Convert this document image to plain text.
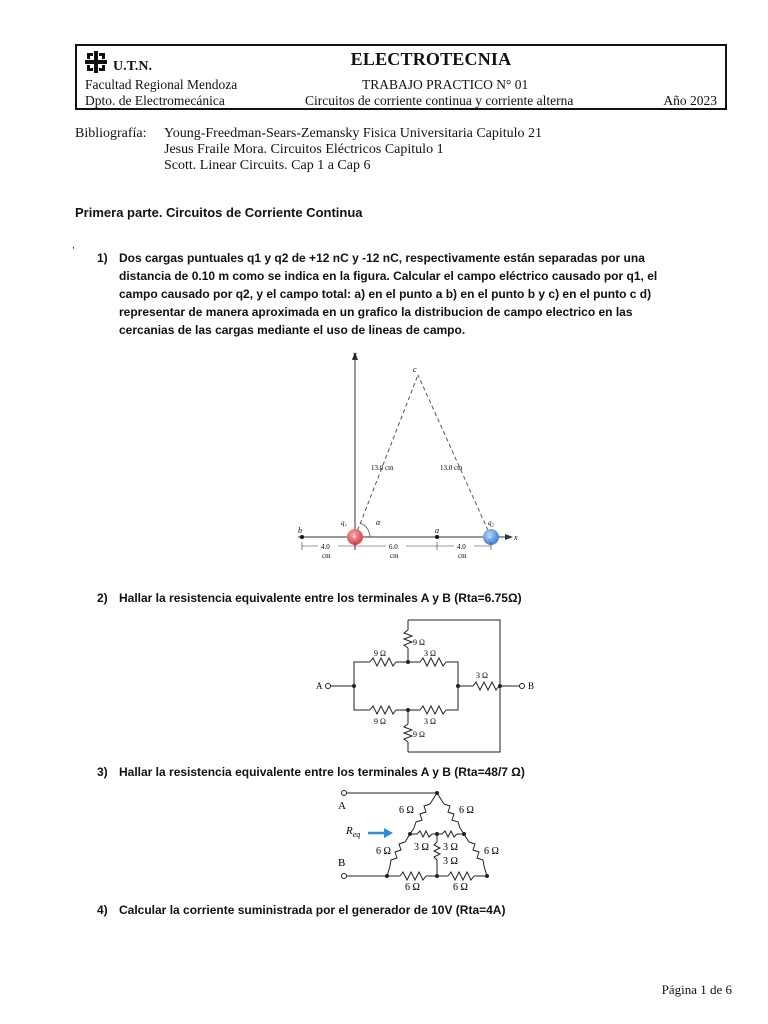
U.T.N.	ELECTROTECNIA
Facultad Regional Mendoza	TRABAJO PRACTICO N° 01
Dpto. de Electromecánica	Circuitos de corriente continua y corriente alterna	Año 2023
Bibliografía: Young-Freedman-Sears-Zemansky Fisica Universitaria Capitulo 21
Jesus Fraile Mora. Circuitos Eléctricos Capitulo 1
Scott. Linear Circuits. Cap 1 a Cap 6
Primera parte. Circuitos de Corriente Continua
,
1) Dos cargas puntuales q1 y q2 de +12 nC y -12 nC, respectivamente están separadas por una distancia de 0.10 m como se indica en la figura. Calcular el campo eléctrico causado por q1, el campo causado por q2, y el campo total: a) en el punto a b) en el punto b y c) en el punto c d) representar de manera aproximada en un grafico la distribucion de campo electrico en las cercanias de las cargas mediante el uso de lineas de campo.
y
x
c
13.0 cm	13.0 cm
α
b	a
+
q₁
−
q₂
4.0
cm
6.0
cm
4.0
cm
2) Hallar la resistencia equivalente entre los terminales A y B (Rta=6.75Ω)
A	B
9 Ω
9 Ω	3 Ω
3 Ω
9 Ω	3 Ω
9 Ω
3) Hallar la resistencia equivalente entre los terminales A y B (Rta=48/7 Ω)
A
B
$R_{eq}$
6 Ω	6 Ω
6 Ω 3 Ω 3 Ω
3 Ω
6 Ω
6 Ω	6 Ω
4) Calcular la corriente suministrada por el generador de 10V (Rta=4A)
Página 1 de 6
